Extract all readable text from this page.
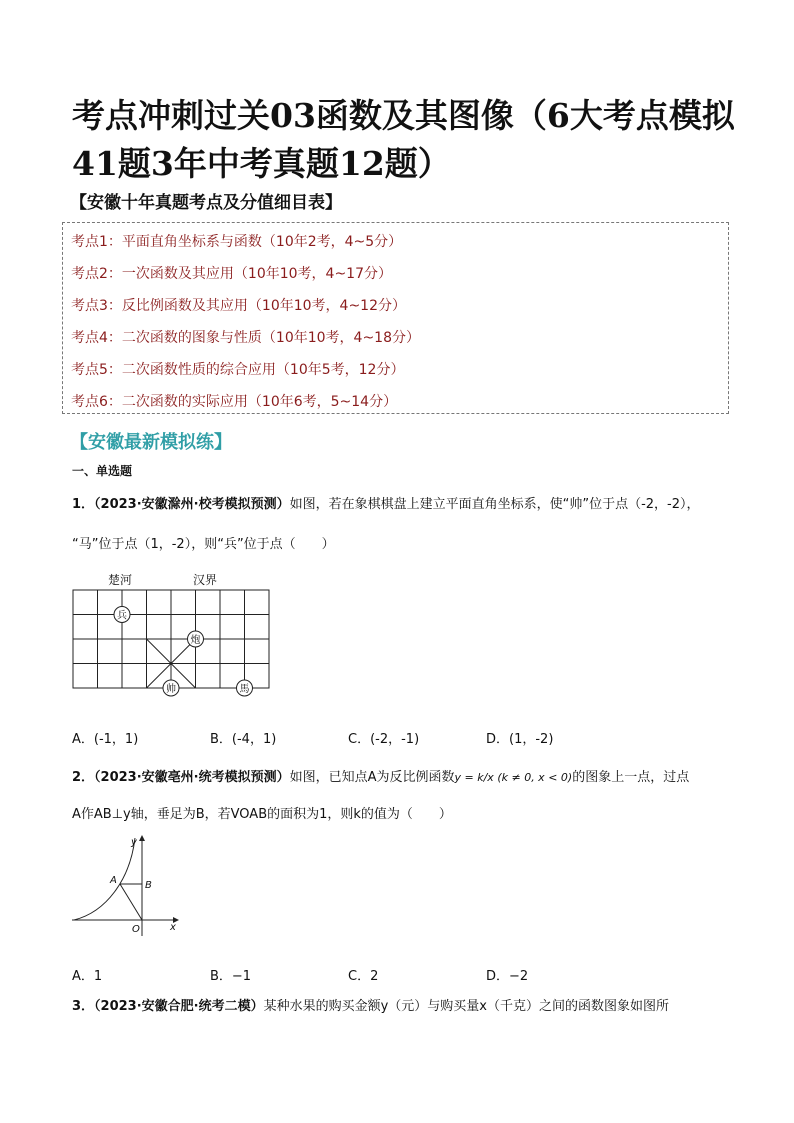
考点冲刺过关03函数及其图像（6大考点模拟
41题3年中考真题12题）
【安徽十年真题考点及分值细目表】
考点1：平面直角坐标系与函数（10年2考，4~5分）
考点2：一次函数及其应用（10年10考，4~17分）
考点3：反比例函数及其应用（10年10考，4~12分）
考点4：二次函数的图象与性质（10年10考，4~18分）
考点5：二次函数性质的综合应用（10年5考，12分）
考点6：二次函数的实际应用（10年6考，5~14分）
【安徽最新模拟练】
一、单选题
1．（2023·安徽滁州·校考模拟预测）如图，若在象棋棋盘上建立平面直角坐标系，使“帅”位于点（-2，-2），
“马”位于点（1，-2），则“兵”位于点（　　）
楚河	汉界
兵
炮
帅	馬
A．(-1，1)	B．(-4，1)	C．(-2，-1)	D．(1，-2)
2．（2023·安徽亳州·统考模拟预测）如图，已知点A为反比例函数y = k/x (k ≠ 0, x < 0)的图象上一点，过点
A作AB⊥y轴，垂足为B，若VOAB的面积为1，则k的值为（　　）
y
x
A	B
O
A．1	B．−1	C．2	D．−2
3．（2023·安徽合肥·统考二模）某种水果的购买金额y（元）与购买量x（千克）之间的函数图象如图所
